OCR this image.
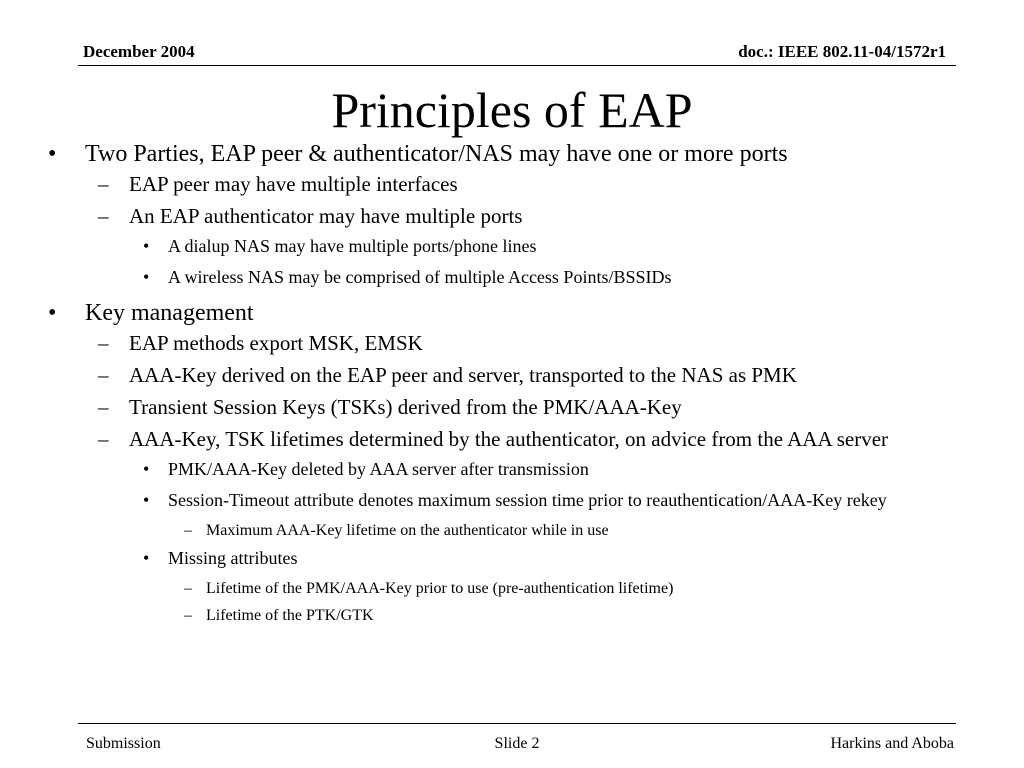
December 2004	doc.: IEEE 802.11-04/1572r1
Principles of EAP
• Two Parties, EAP peer & authenticator/NAS may have one or more ports
– EAP peer may have multiple interfaces
– An EAP authenticator may have multiple ports
• A dialup NAS may have multiple ports/phone lines
• A wireless NAS may be comprised of multiple Access Points/BSSIDs
• Key management
– EAP methods export MSK, EMSK
– AAA-Key derived on the EAP peer and server, transported to the NAS as PMK
– Transient Session Keys (TSKs) derived from the PMK/AAA-Key
– AAA-Key, TSK lifetimes determined by the authenticator, on advice from the AAA server
• PMK/AAA-Key deleted by AAA server after transmission
• Session-Timeout attribute denotes maximum session time prior to reauthentication/AAA-Key rekey
– Maximum AAA-Key lifetime on the authenticator while in use
• Missing attributes
– Lifetime of the PMK/AAA-Key prior to use (pre-authentication lifetime)
– Lifetime of the PTK/GTK
Submission	Slide 2	Harkins and Aboba
